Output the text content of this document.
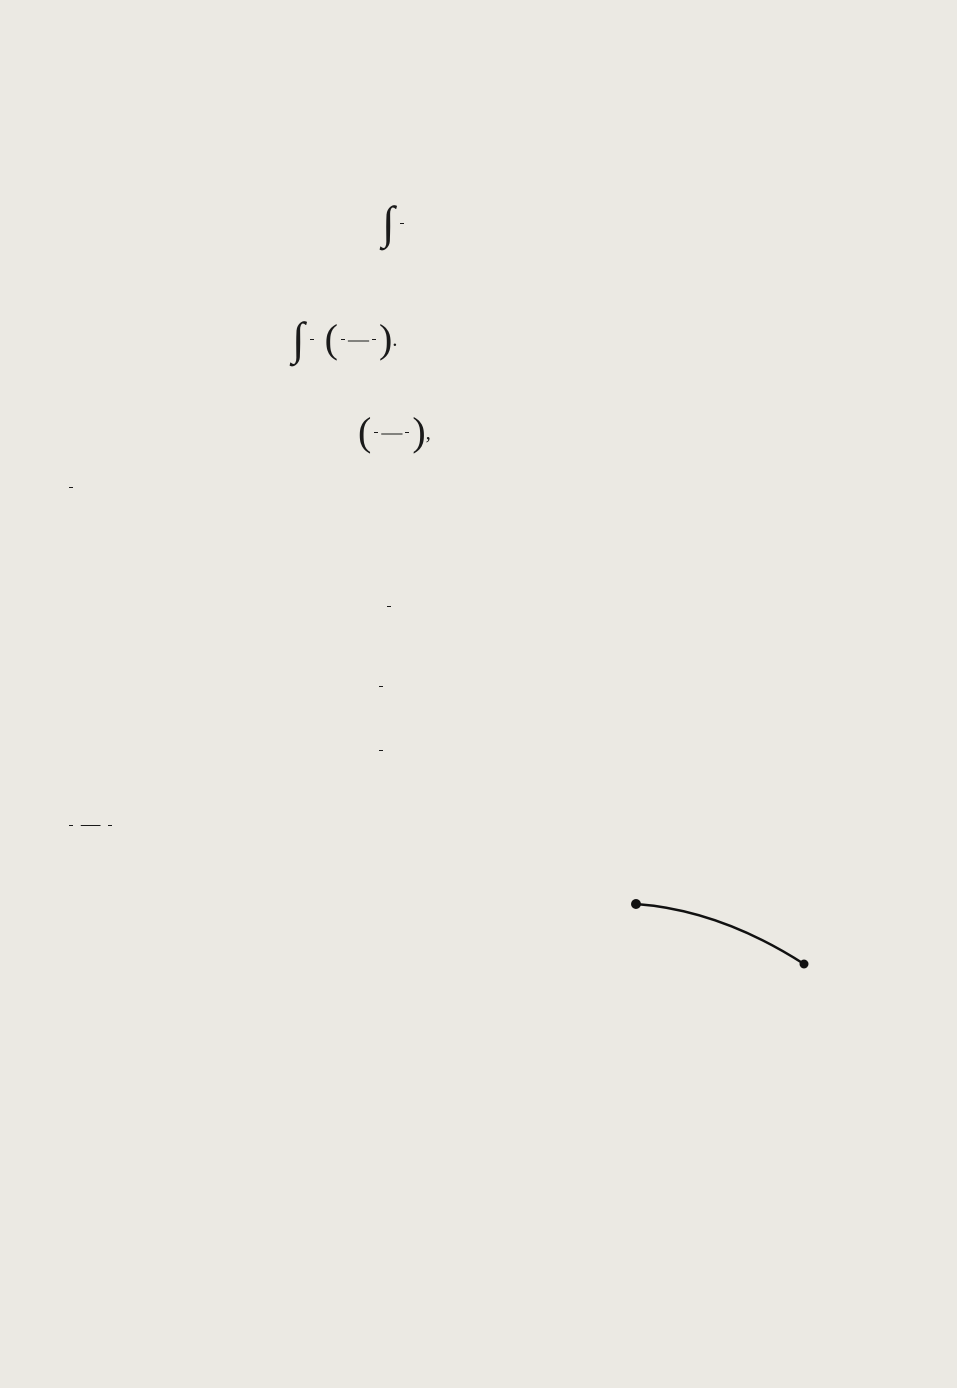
∫

∫ ( — ) .

( — ) ,

—
